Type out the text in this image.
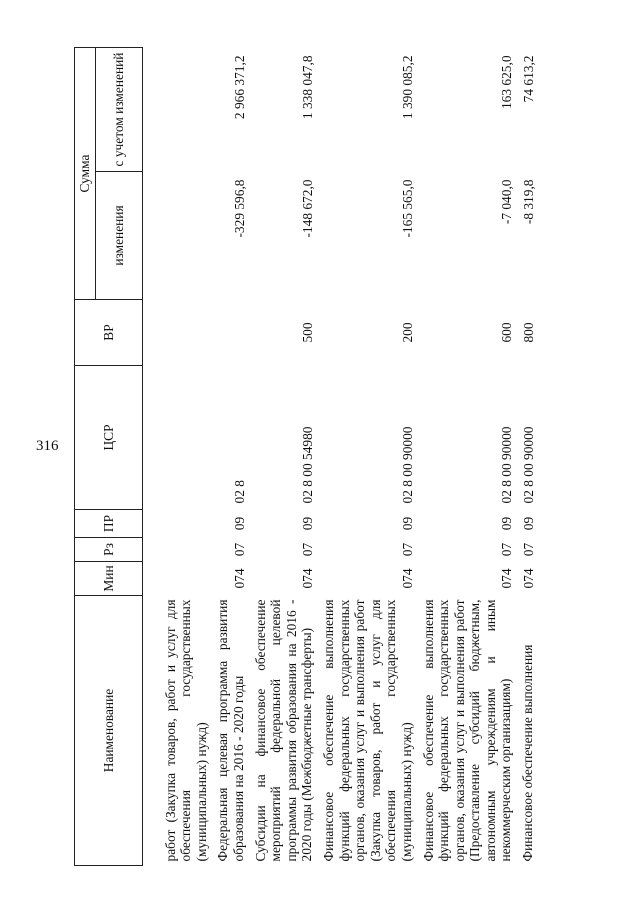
316
Наименование	Мин	Рз	ПР	ЦСР	ВР	Сумма	
						изменения	с учетом изменений

работ (Закупка товаров, работ и услуг для обеспечения государственных (муниципальных) нужд)							
Федеральная целевая программа развития образования на 2016 - 2020 годы	074	07	09	02 8		-329 596,8	2 966 371,2
Субсидии на финансовое обеспечение мероприятий федеральной целевой программы развития образования на 2016 - 2020 годы (Межбюджетные трансферты)	074	07	09	02 8 00 54980	500	-148 672,0	1 338 047,8
Финансовое обеспечение выполнения функций федеральных государственных органов, оказания услуг и выполнения работ (Закупка товаров, работ и услуг для обеспечения государственных (муниципальных) нужд)	074	07	09	02 8 00 90000	200	-165 565,0	1 390 085,2
Финансовое обеспечение выполнения функций федеральных государственных органов, оказания услуг и выполнения работ (Предоставление субсидий бюджетным, автономным учреждениям и иным некоммерческим организациям)	074	07	09	02 8 00 90000	600	-7 040,0	163 625,0
Финансовое обеспечение выполнения	074	07	09	02 8 00 90000	800	-8 319,8	74 613,2
